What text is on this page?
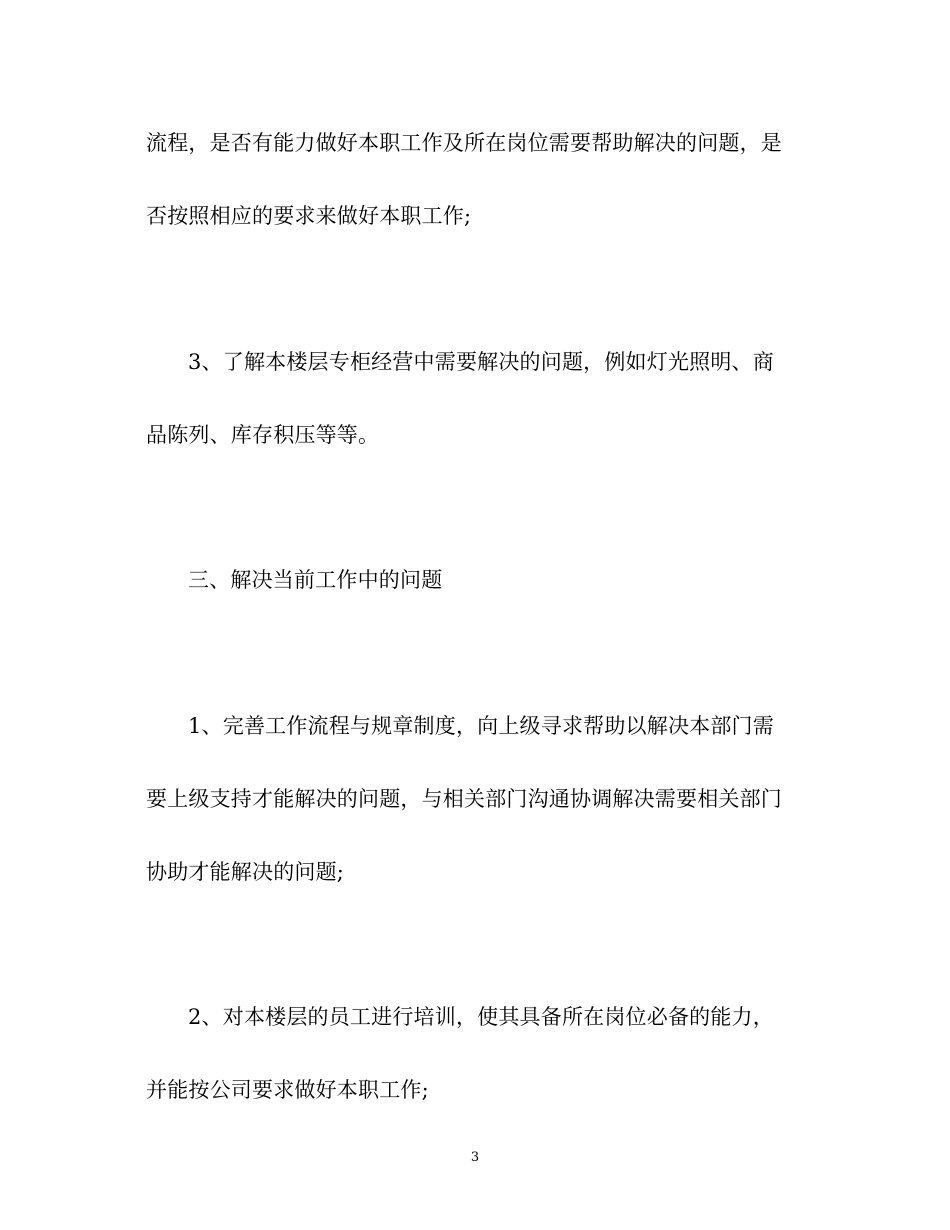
流程，是否有能力做好本职工作及所在岗位需要帮助解决的问题，是
否按照相应的要求来做好本职工作;
3、了解本楼层专柜经营中需要解决的问题，例如灯光照明、商
品陈列、库存积压等等。
三、解决当前工作中的问题
1、完善工作流程与规章制度，向上级寻求帮助以解决本部门需
要上级支持才能解决的问题，与相关部门沟通协调解决需要相关部门
协助才能解决的问题;
2、对本楼层的员工进行培训，使其具备所在岗位必备的能力，
并能按公司要求做好本职工作;
3
